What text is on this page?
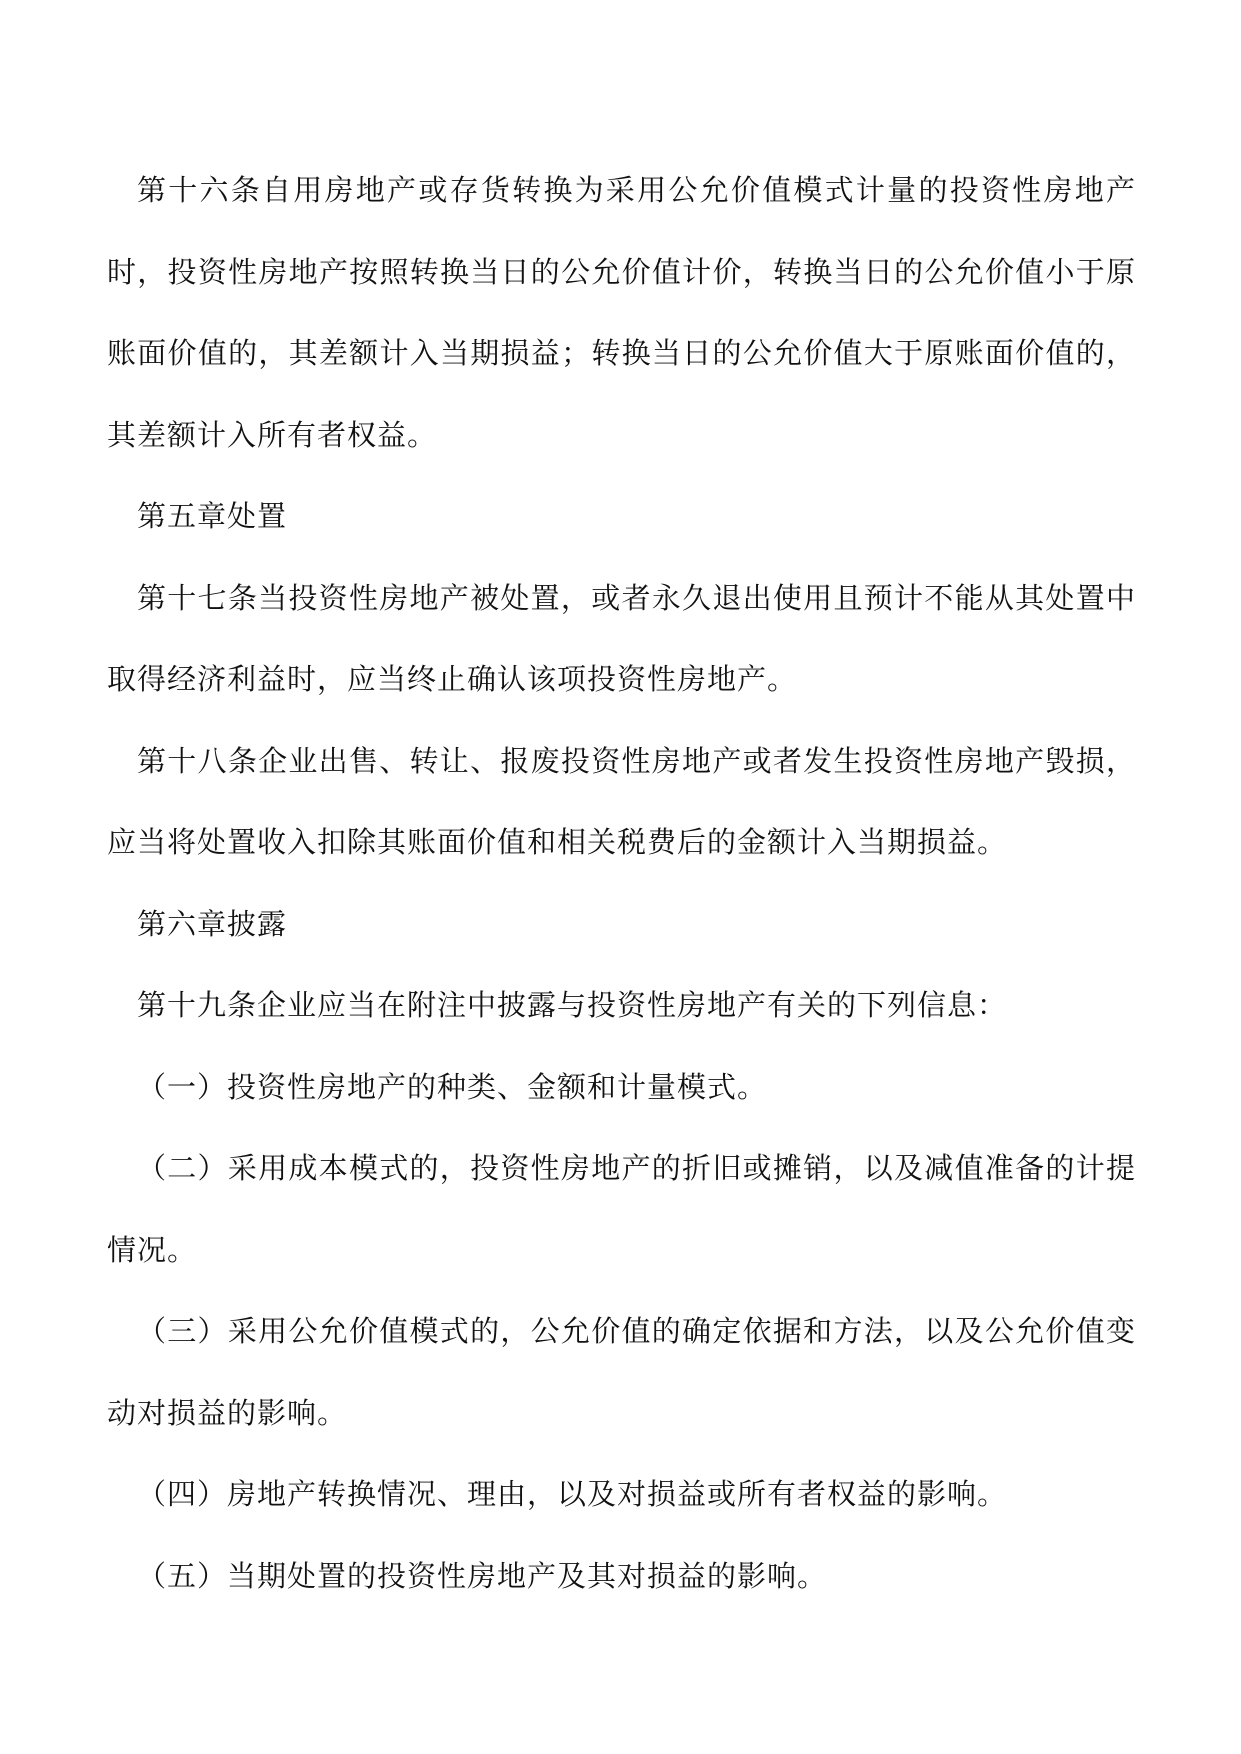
第十六条自用房地产或存货转换为采用公允价值模式计量的投资性房地产时，投资性房地产按照转换当日的公允价值计价，转换当日的公允价值小于原账面价值的，其差额计入当期损益；转换当日的公允价值大于原账面价值的，其差额计入所有者权益。

第五章处置

第十七条当投资性房地产被处置，或者永久退出使用且预计不能从其处置中取得经济利益时，应当终止确认该项投资性房地产。

第十八条企业出售、转让、报废投资性房地产或者发生投资性房地产毁损，应当将处置收入扣除其账面价值和相关税费后的金额计入当期损益。

第六章披露

第十九条企业应当在附注中披露与投资性房地产有关的下列信息：

（一）投资性房地产的种类、金额和计量模式。

（二）采用成本模式的，投资性房地产的折旧或摊销，以及减值准备的计提情况。

（三）采用公允价值模式的，公允价值的确定依据和方法，以及公允价值变动对损益的影响。

（四）房地产转换情况、理由，以及对损益或所有者权益的影响。

（五）当期处置的投资性房地产及其对损益的影响。
